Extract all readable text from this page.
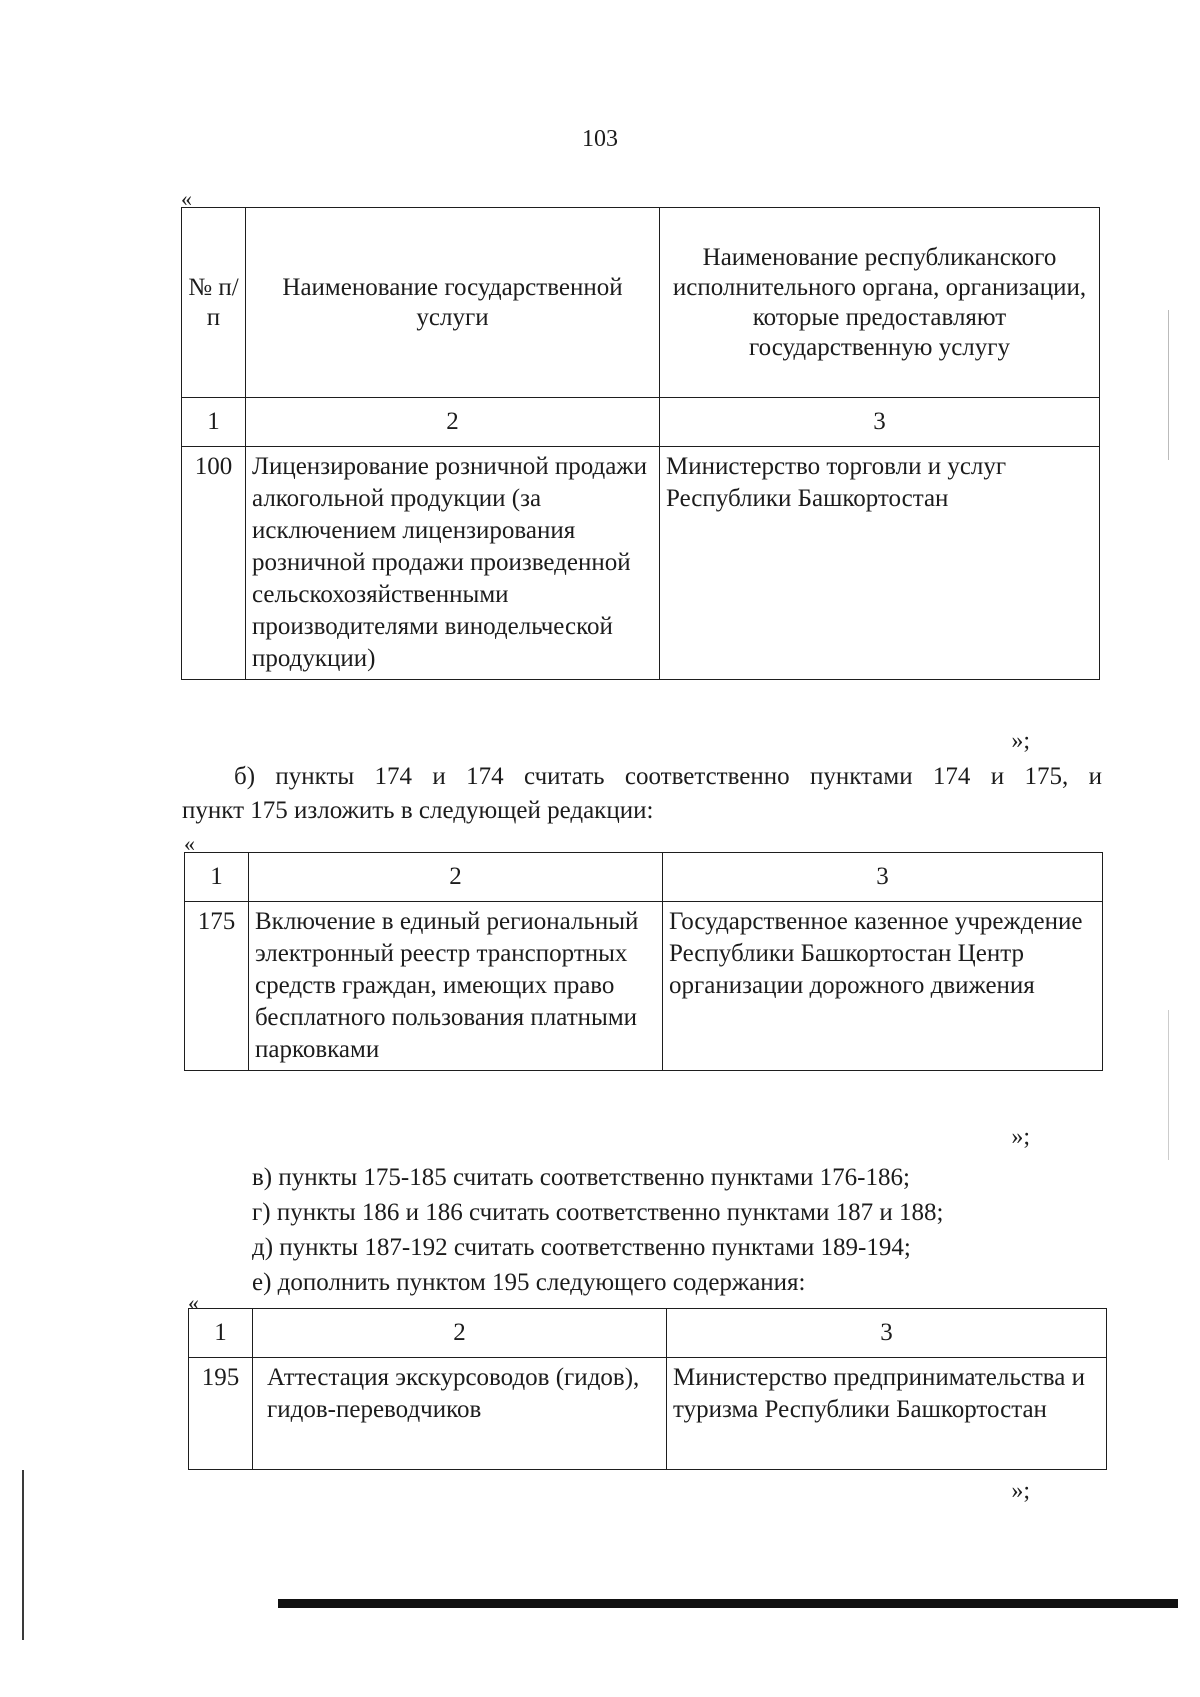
103
«
№ п/п	Наименование государственной услуги	Наименование республиканского исполнительного органа, организации, которые предоставляют государственную услугу
1	2	3
100	Лицензирование розничной продажи алкогольной продукции (за исключением лицензирования розничной продажи произведенной сельскохозяйственными производителями винодельческой продукции)	Министерство торговли и услуг Республики Башкортостан
»;
б) пункты 174 и 174 считать соответственно пунктами 174 и 175, и
пункт 175 изложить в следующей редакции:
«
1	2	3
175	Включение в единый региональный электронный реестр транспортных средств граждан, имеющих право бесплатного пользования платными парковками	Государственное казенное учреждение Республики Башкортостан Центр организации дорожного движения
»;
в) пункты 175-185 считать соответственно пунктами 176-186;
г) пункты 186 и 186 считать соответственно пунктами 187 и 188;
д) пункты 187-192 считать соответственно пунктами 189-194;
е) дополнить пунктом 195 следующего содержания:
«
1	2	3
195	Аттестация экскурсоводов (гидов), гидов-переводчиков	Министерство предпринимательства и туризма Республики Башкортостан
»;
